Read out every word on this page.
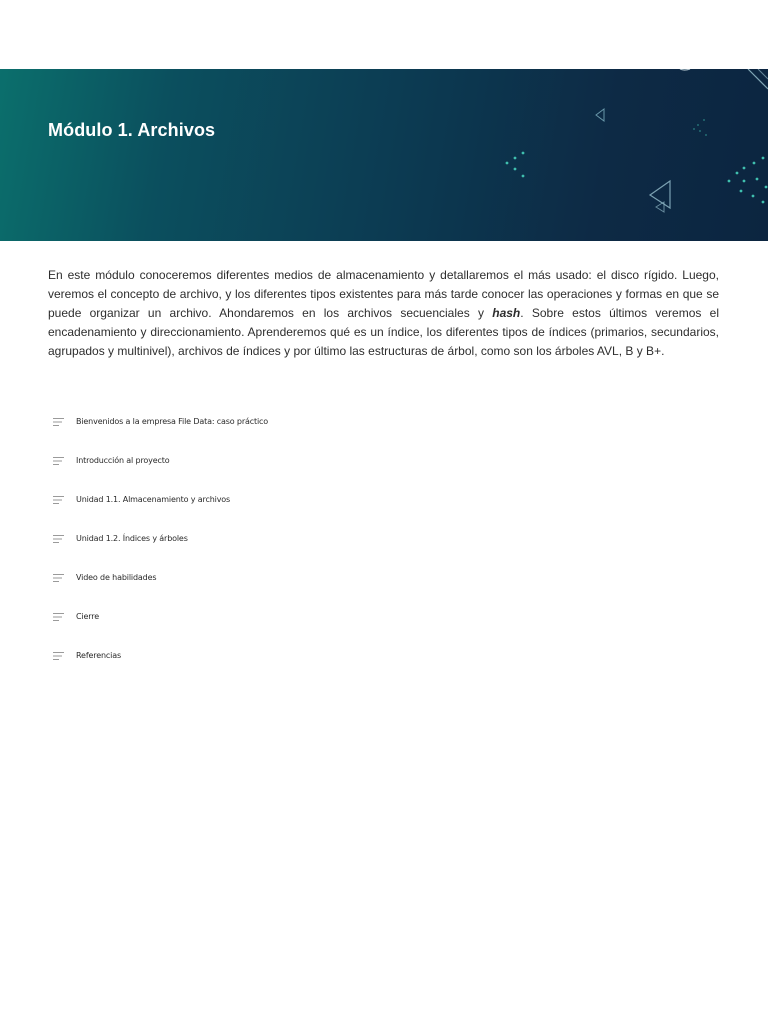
Módulo 1. Archivos

En este módulo conoceremos diferentes medios de almacenamiento y detallaremos el más usado: el disco rígido. Luego, veremos el concepto de archivo, y los diferentes tipos existentes para más tarde conocer las operaciones y formas en que se puede organizar un archivo. Ahondaremos en los archivos secuenciales y hash. Sobre estos últimos veremos el encadenamiento y direccionamiento. Aprenderemos qué es un índice, los diferentes tipos de índices (primarios, secundarios, agrupados y multinivel), archivos de índices y por último las estructuras de árbol, como son los árboles AVL, B y B+.

Bienvenidos a la empresa File Data: caso práctico
Introducción al proyecto
Unidad 1.1. Almacenamiento y archivos
Unidad 1.2. Índices y árboles
Video de habilidades
Cierre
Referencias
